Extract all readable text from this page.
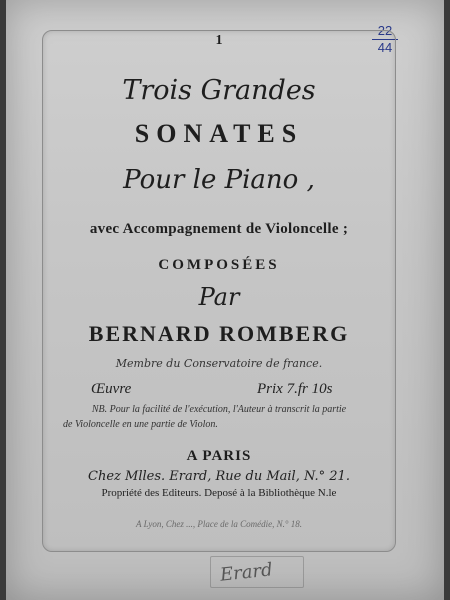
22
44
1
Trois Grandes
SONATES
Pour le Piano ,
avec Accompagnement de Violoncelle ;
COMPOSÉES
Par
BERNARD ROMBERG
Membre du Conservatoire de france.
Œuvre	Prix 7.fr 10s
NB. Pour la facilité de l'exécution, l'Auteur à transcrit la partie
de Violoncelle en une partie de Violon.
A PARIS
Chez Mlles. Erard, Rue du Mail, N.° 21.
Propriété des Editeurs. Deposé à la Bibliothèque N.le
A Lyon, Chez ..., Place de la Comédie, N.° 18.
Erard
